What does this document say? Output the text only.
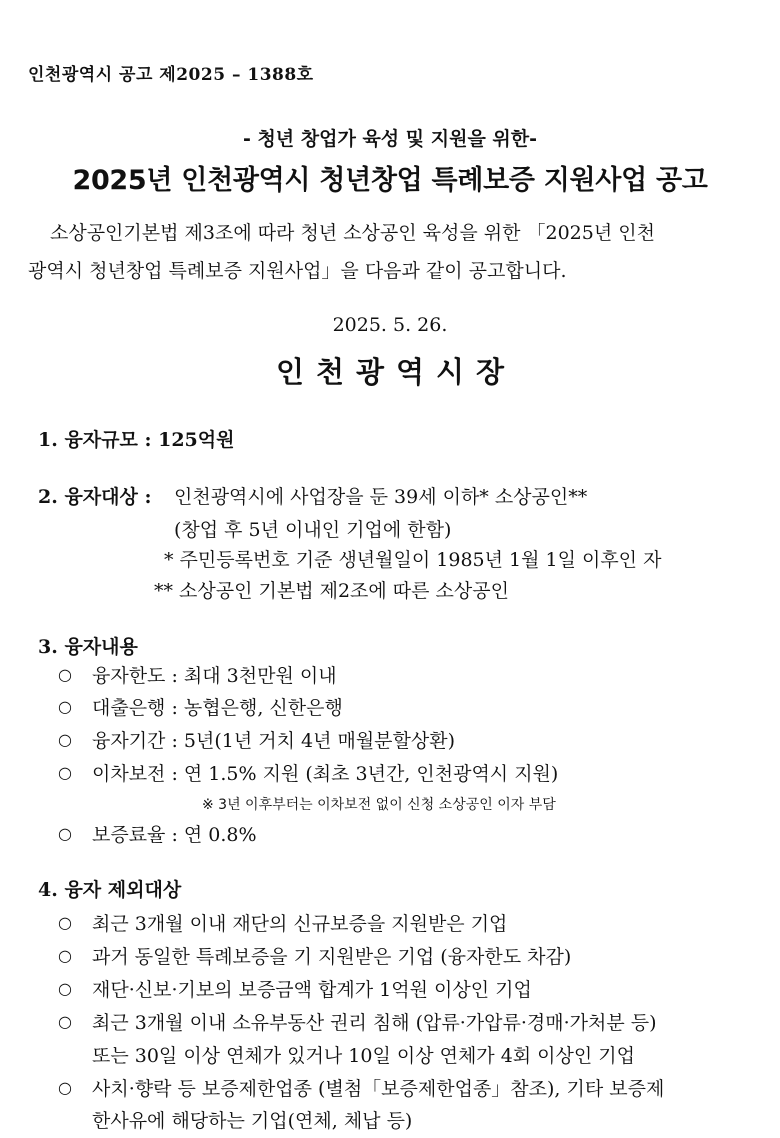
인천광역시 공고 제2025 – 1388호
- 청년 창업가 육성 및 지원을 위한-
2025년 인천광역시 청년창업 특례보증 지원사업 공고
소상공인기본법 제3조에 따라 청년 소상공인 육성을 위한 「2025년 인천
광역시 청년창업 특례보증 지원사업」을 다음과 같이 공고합니다.
2025. 5. 26.
인천광역시장
1. 융자규모 : 125억원
2. 융자대상 : 인천광역시에 사업장을 둔 39세 이하* 소상공인**
(창업 후 5년 이내인 기업에 한함)
* 주민등록번호 기준 생년월일이 1985년 1월 1일 이후인 자
** 소상공인 기본법 제2조에 따른 소상공인
3. 융자내용
○ 융자한도 : 최대 3천만원 이내
○ 대출은행 : 농협은행, 신한은행
○ 융자기간 : 5년(1년 거치 4년 매월분할상환)
○ 이차보전 : 연 1.5% 지원 (최초 3년간, 인천광역시 지원)
※ 3년 이후부터는 이차보전 없이 신청 소상공인 이자 부담
○ 보증료율 : 연 0.8%
4. 융자 제외대상
○ 최근 3개월 이내 재단의 신규보증을 지원받은 기업
○ 과거 동일한 특례보증을 기 지원받은 기업 (융자한도 차감)
○ 재단·신보·기보의 보증금액 합계가 1억원 이상인 기업
○ 최근 3개월 이내 소유부동산 권리 침해 (압류·가압류·경매·가처분 등)
또는 30일 이상 연체가 있거나 10일 이상 연체가 4회 이상인 기업
○ 사치·향락 등 보증제한업종 (별첨「보증제한업종」참조), 기타 보증제
한사유에 해당하는 기업(연체, 체납 등)
